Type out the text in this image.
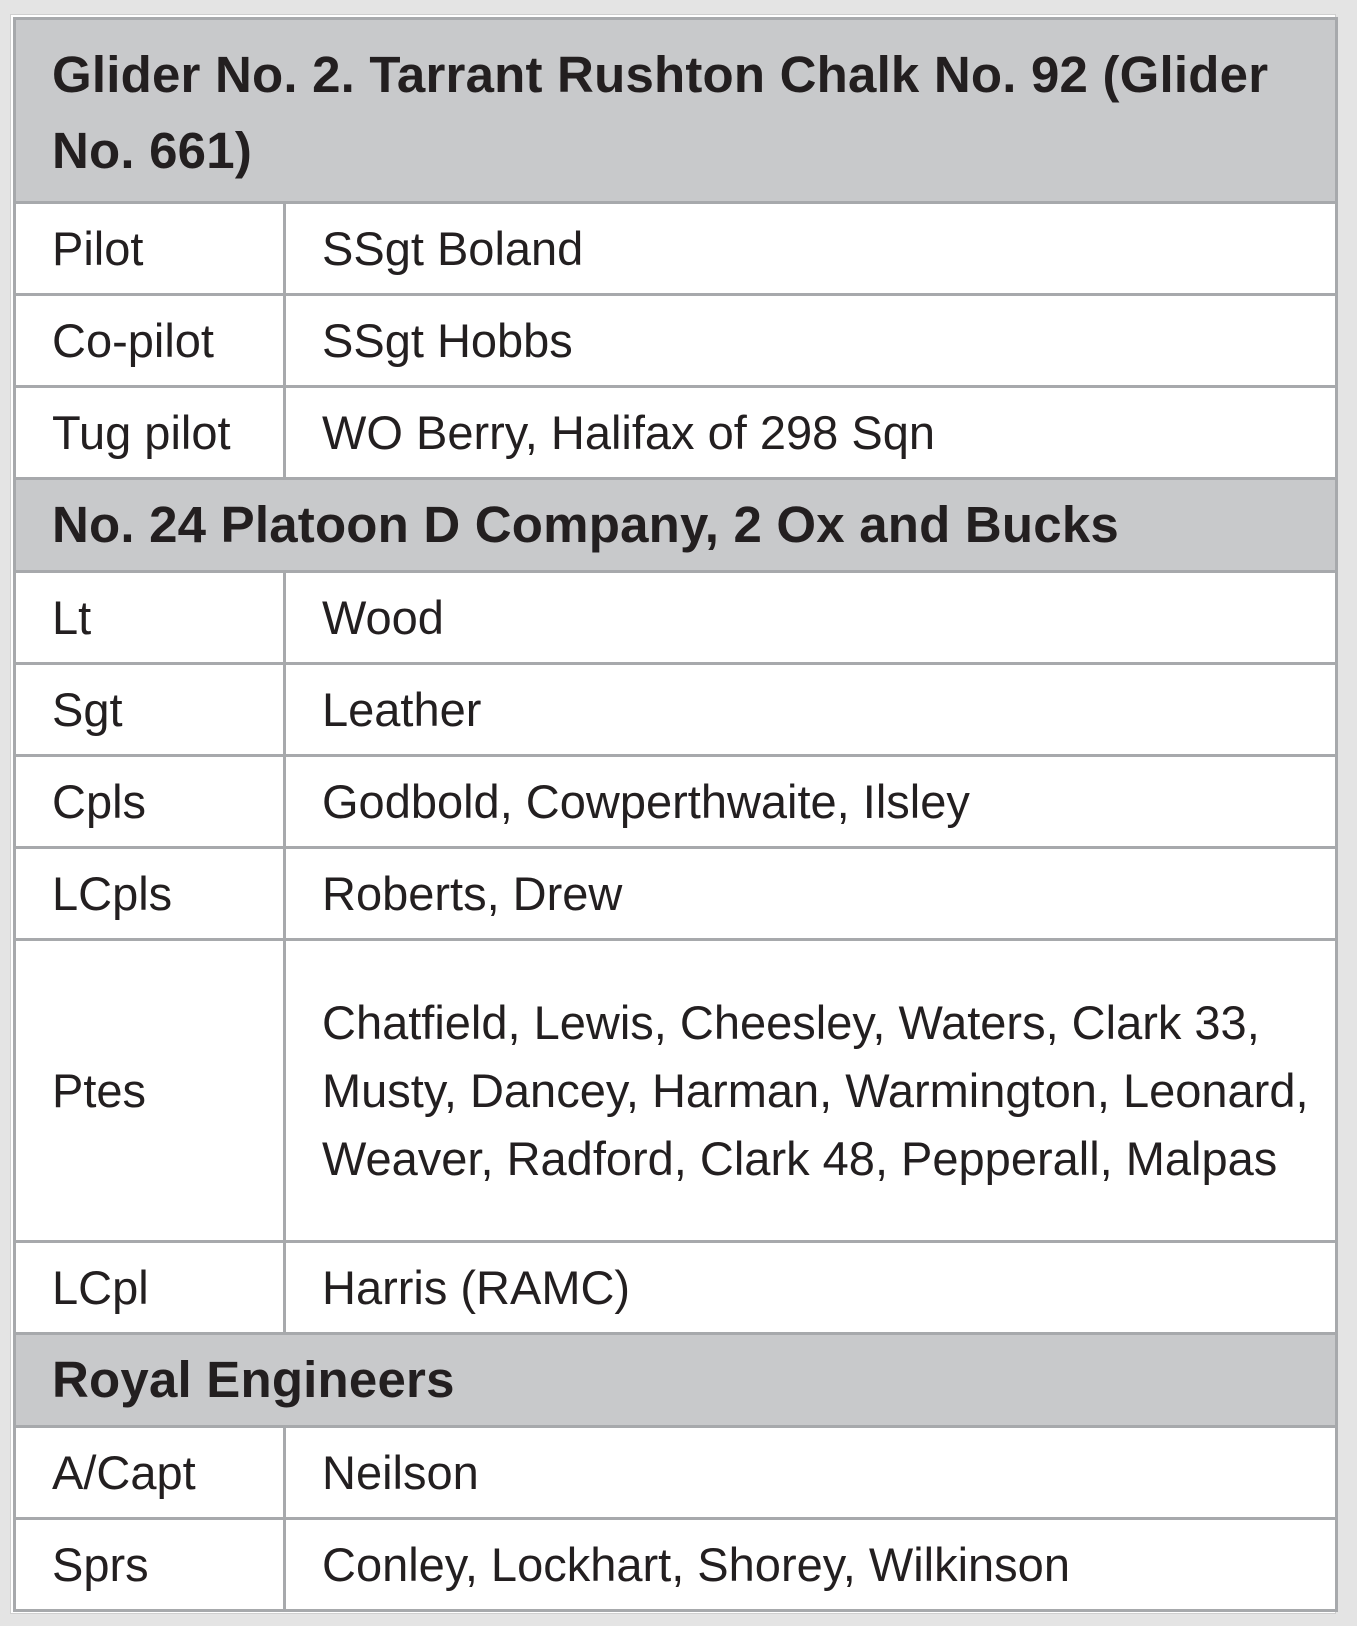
Glider No. 2. Tarrant Rushton Chalk No. 92 (Glider No. 661)	
Pilot	SSgt Boland
Co-pilot	SSgt Hobbs
Tug pilot	WO Berry, Halifax of 298 Sqn
No. 24 Platoon D Company, 2 Ox and Bucks	
Lt	Wood
Sgt	Leather
Cpls	Godbold, Cowperthwaite, Ilsley
LCpls	Roberts, Drew
Ptes	Chatfield, Lewis, Cheesley, Waters, Clark 33, Musty, Dancey, Harman, Warmington, Leonard, Weaver, Radford, Clark 48, Pepperall, Malpas
LCpl	Harris (RAMC)
Royal Engineers	
A/Capt	Neilson
Sprs	Conley, Lockhart, Shorey, Wilkinson
